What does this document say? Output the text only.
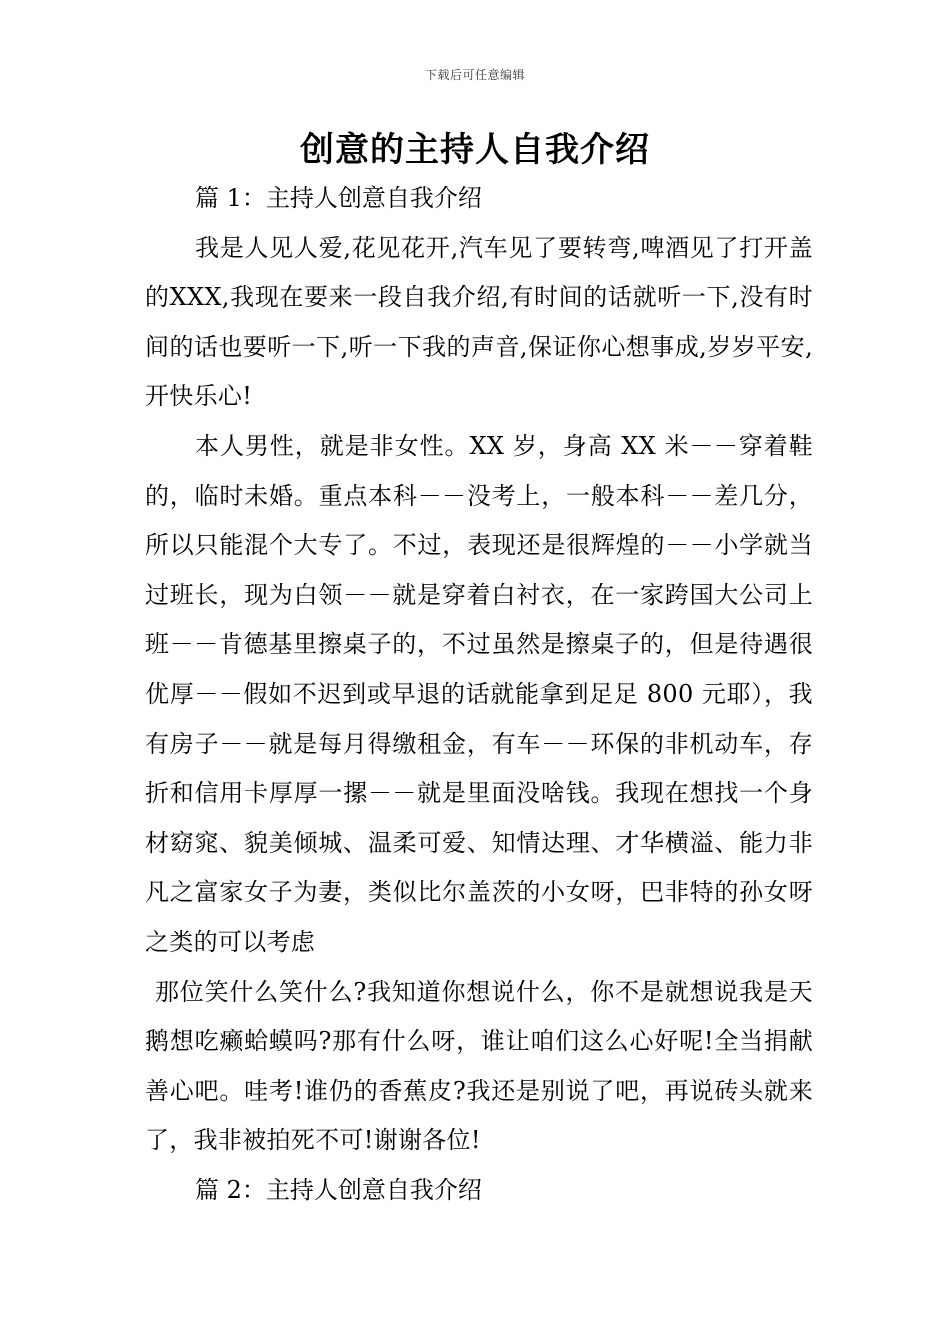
下载后可任意编辑
创意的主持人自我介绍

篇 1：主持人创意自我介绍

我是人见人爱,花见花开,汽车见了要转弯,啤酒见了打开盖的XXX,我现在要来一段自我介绍,有时间的话就听一下,没有时间的话也要听一下,听一下我的声音,保证你心想事成,岁岁平安,开快乐心!

本人男性，就是非女性。XX 岁，身高 XX 米－－穿着鞋的，临时未婚。重点本科－－没考上，一般本科－－差几分，所以只能混个大专了。不过，表现还是很辉煌的－－小学就当过班长，现为白领－－就是穿着白衬衣，在一家跨国大公司上班－－肯德基里擦桌子的，不过虽然是擦桌子的，但是待遇很优厚－－假如不迟到或早退的话就能拿到足足 800 元耶），我有房子－－就是每月得缴租金，有车－－环保的非机动车，存折和信用卡厚厚一摞－－就是里面没啥钱。我现在想找一个身材窈窕、貌美倾城、温柔可爱、知情达理、才华横溢、能力非凡之富家女子为妻，类似比尔盖茨的小女呀，巴非特的孙女呀之类的可以考虑

那位笑什么笑什么?我知道你想说什么，你不是就想说我是天鹅想吃癞蛤蟆吗?那有什么呀，谁让咱们这么心好呢!全当捐献善心吧。哇考!谁仍的香蕉皮?我还是别说了吧，再说砖头就来了，我非被拍死不可!谢谢各位!

篇 2：主持人创意自我介绍
